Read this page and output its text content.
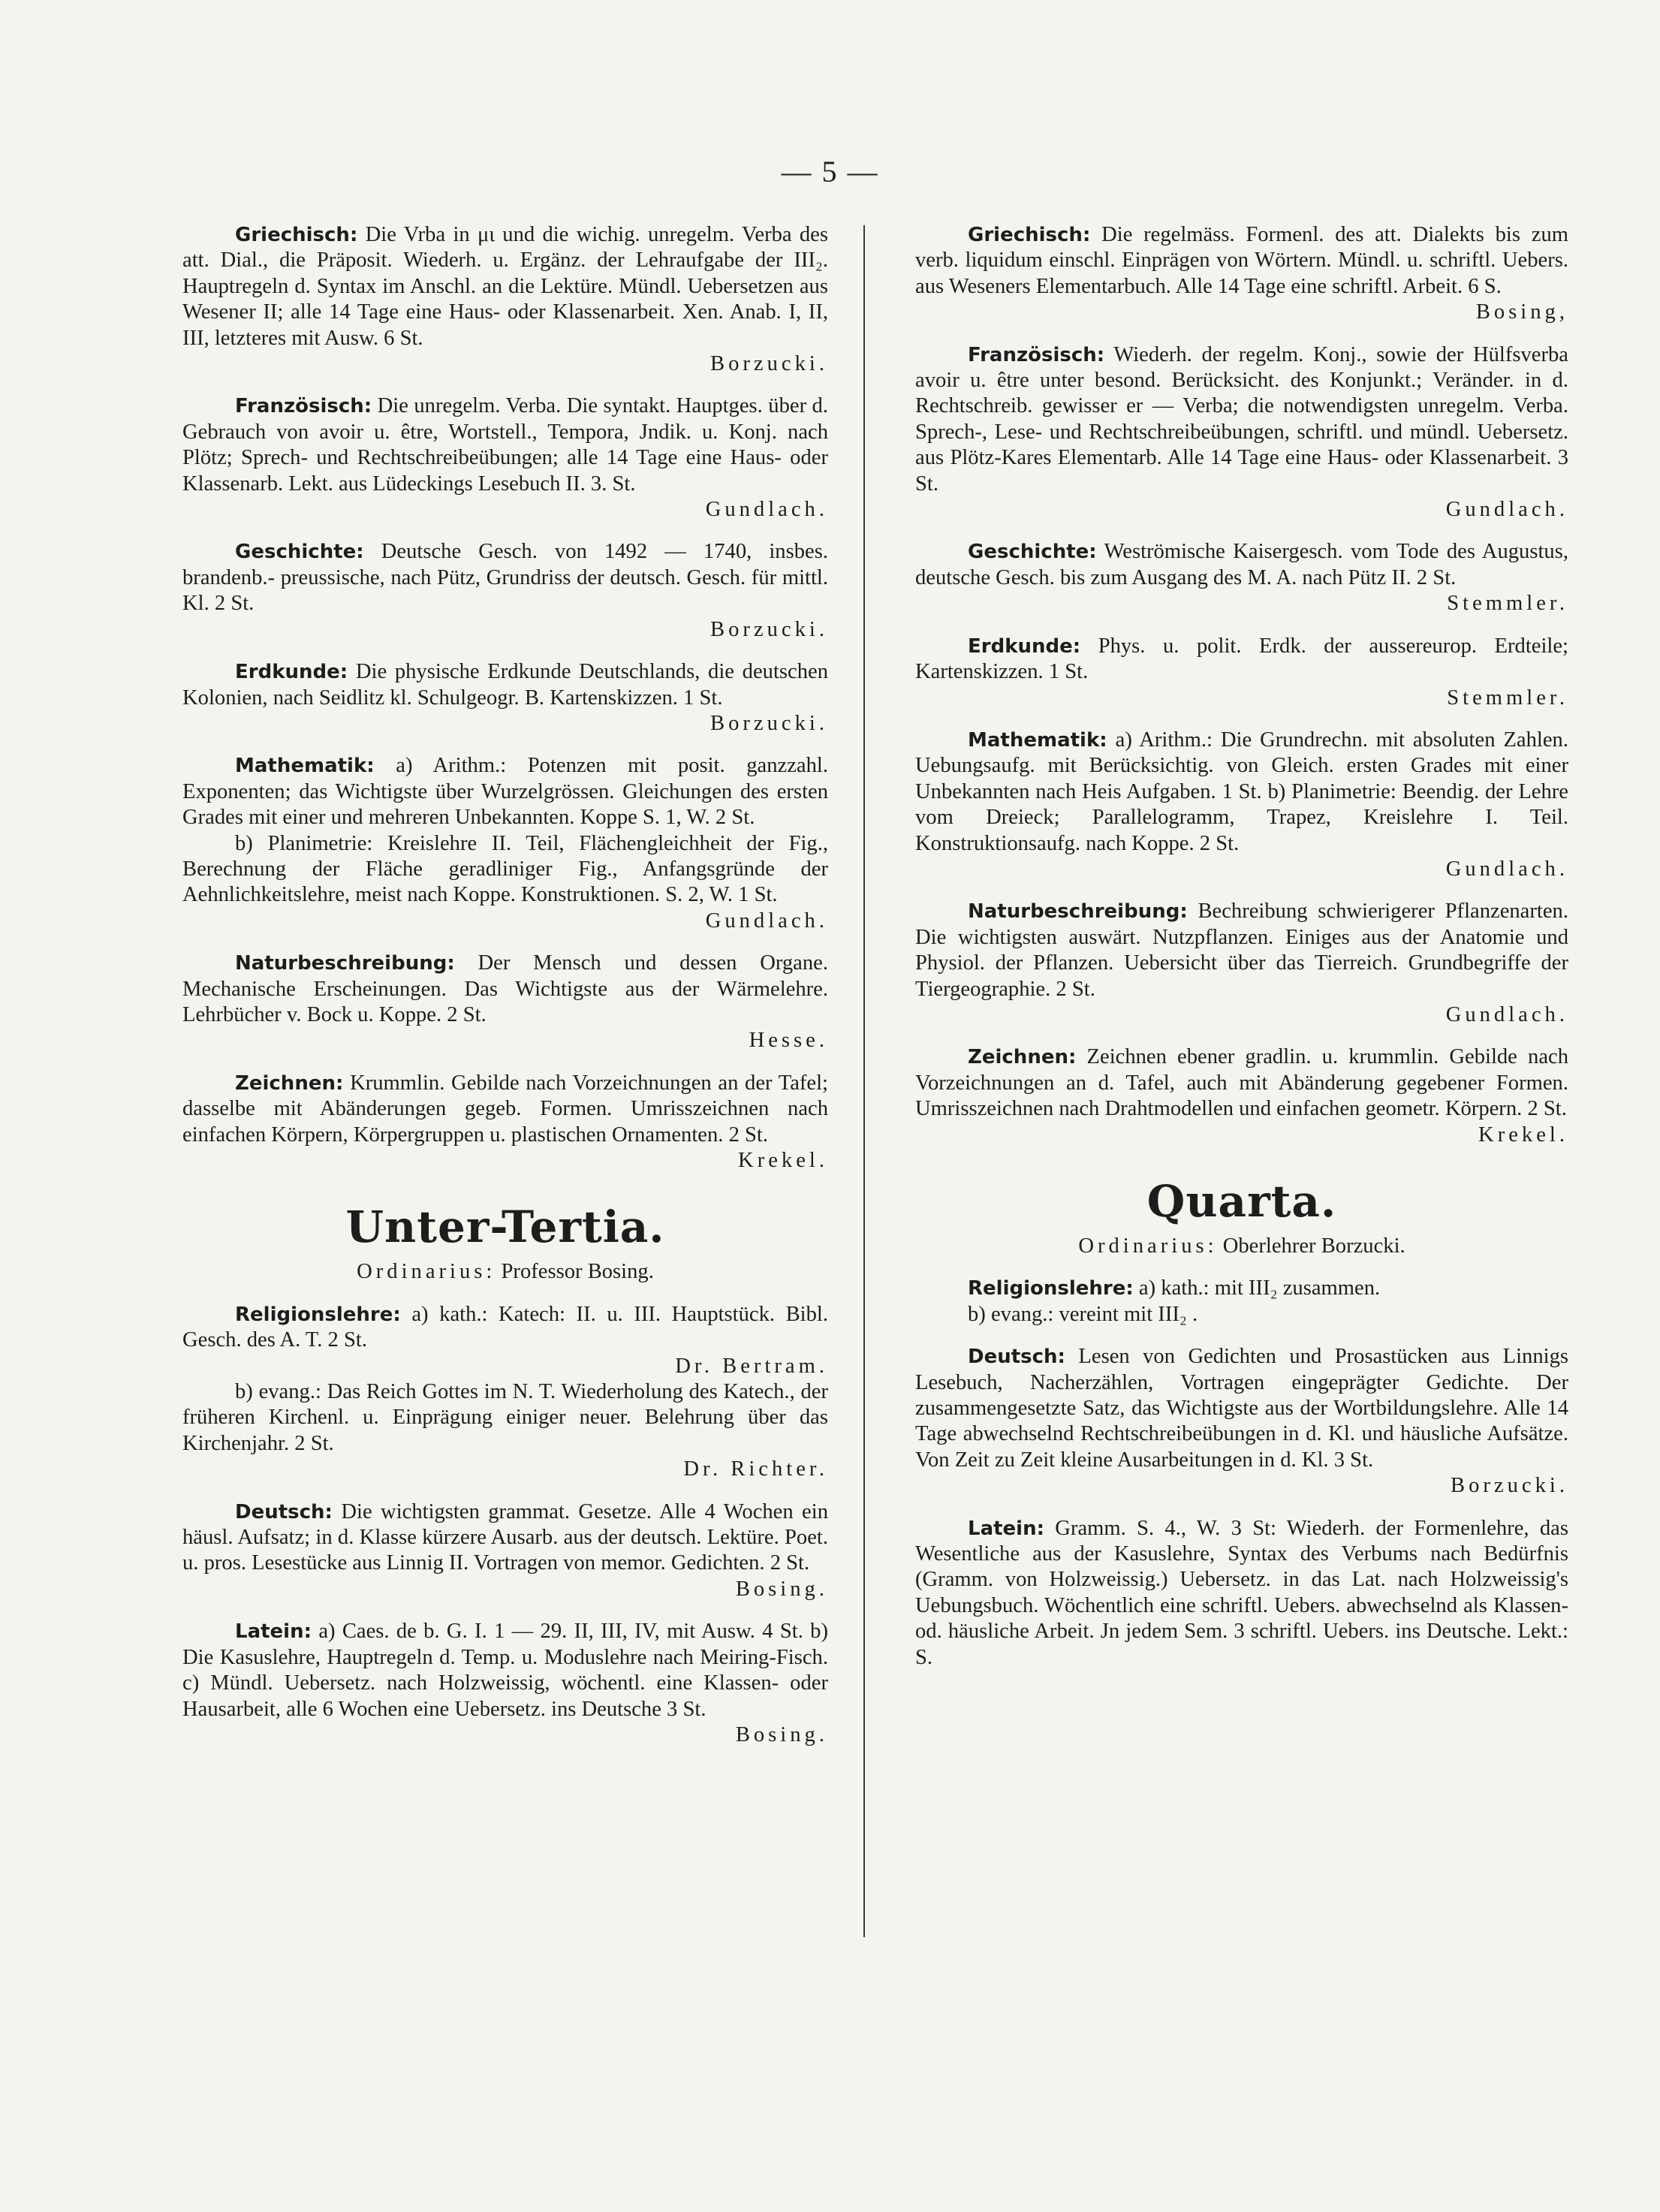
— 5 —

Griechisch: Die Vrba in μι und die wichig. unregelm. Verba des att. Dial., die Präposit. Wiederh. u. Ergänz. der Lehraufgabe der III₂. Hauptregeln d. Syntax im Anschl. an die Lektüre. Mündl. Uebersetzen aus Wesener II; alle 14 Tage eine Haus- oder Klassenarbeit. Xen. Anab. I, II, III, letzteres mit Ausw. 6 St.
Borzucki.

Französisch: Die unregelm. Verba. Die syntakt. Hauptges. über d. Gebrauch von avoir u. être, Wortstell., Tempora, Jndik. u. Konj. nach Plötz; Sprech- und Rechtschreibeübungen; alle 14 Tage eine Haus- oder Klassenarb. Lekt. aus Lüdeckings Lesebuch II. 3. St.
Gundlach.

Geschichte: Deutsche Gesch. von 1492 — 1740, insbes. brandenb.- preussische, nach Pütz, Grundriss der deutsch. Gesch. für mittl. Kl. 2 St.
Borzucki.

Erdkunde: Die physische Erdkunde Deutschlands, die deutschen Kolonien, nach Seidlitz kl. Schulgeogr. B. Kartenskizzen. 1 St.
Borzucki.

Mathematik: a) Arithm.: Potenzen mit posit. ganzzahl. Exponenten; das Wichtigste über Wurzelgrössen. Gleichungen des ersten Grades mit einer und mehreren Unbekannten. Koppe S. 1, W. 2 St.
b) Planimetrie: Kreislehre II. Teil, Flächengleichheit der Fig., Berechnung der Fläche geradliniger Fig., Anfangsgründe der Aehnlichkeitslehre, meist nach Koppe. Konstruktionen. S. 2, W. 1 St.
Gundlach.

Naturbeschreibung: Der Mensch und dessen Organe. Mechanische Erscheinungen. Das Wichtigste aus der Wärmelehre. Lehrbücher v. Bock u. Koppe. 2 St.
Hesse.

Zeichnen: Krummlin. Gebilde nach Vorzeichnungen an der Tafel; dasselbe mit Abänderungen gegeb. Formen. Umrisszeichnen nach einfachen Körpern, Körpergruppen u. plastischen Ornamenten. 2 St.
Krekel.

Unter-Tertia.
Ordinarius: Professor Bosing.

Religionslehre: a) kath.: Katech: II. u. III. Hauptstück. Bibl. Gesch. des A. T. 2 St.
Dr. Bertram.
b) evang.: Das Reich Gottes im N. T. Wiederholung des Katech., der früheren Kirchenl. u. Einprägung einiger neuer. Belehrung über das Kirchenjahr. 2 St.
Dr. Richter.

Deutsch: Die wichtigsten grammat. Gesetze. Alle 4 Wochen ein häusl. Aufsatz; in d. Klasse kürzere Ausarb. aus der deutsch. Lektüre. Poet. u. pros. Lesestücke aus Linnig II. Vortragen von memor. Gedichten. 2 St.
Bosing.

Latein: a) Caes. de b. G. I. 1 — 29. II, III, IV, mit Ausw. 4 St. b) Die Kasuslehre, Hauptregeln d. Temp. u. Moduslehre nach Meiring-Fisch. c) Mündl. Uebersetz. nach Holzweissig, wöchentl. eine Klassen- oder Hausarbeit, alle 6 Wochen eine Uebersetz. ins Deutsche 3 St.
Bosing.

Griechisch: Die regelmäss. Formenl. des att. Dialekts bis zum verb. liquidum einschl. Einprägen von Wörtern. Mündl. u. schriftl. Uebers. aus Weseners Elementarbuch. Alle 14 Tage eine schriftl. Arbeit. 6 S.
Bosing,

Französisch: Wiederh. der regelm. Konj., sowie der Hülfsverba avoir u. être unter besond. Berücksicht. des Konjunkt.; Veränder. in d. Rechtschreib. gewisser er — Verba; die notwendigsten unregelm. Verba. Sprech-, Lese- und Rechtschreibeübungen, schriftl. und mündl. Uebersetz. aus Plötz-Kares Elementarb. Alle 14 Tage eine Haus- oder Klassenarbeit. 3 St.
Gundlach.

Geschichte: Weströmische Kaisergesch. vom Tode des Augustus, deutsche Gesch. bis zum Ausgang des M. A. nach Pütz II. 2 St.
Stemmler.

Erdkunde: Phys. u. polit. Erdk. der aussereurop. Erdteile; Kartenskizzen. 1 St.
Stemmler.

Mathematik: a) Arithm.: Die Grundrechn. mit absoluten Zahlen. Uebungsaufg. mit Berücksichtig. von Gleich. ersten Grades mit einer Unbekannten nach Heis Aufgaben. 1 St. b) Planimetrie: Beendig. der Lehre vom Dreieck; Parallelogramm, Trapez, Kreislehre I. Teil. Konstruktionsaufg. nach Koppe. 2 St.
Gundlach.

Naturbeschreibung: Bechreibung schwierigerer Pflanzenarten. Die wichtigsten auswärt. Nutzpflanzen. Einiges aus der Anatomie und Physiol. der Pflanzen. Uebersicht über das Tierreich. Grundbegriffe der Tiergeographie. 2 St.
Gundlach.

Zeichnen: Zeichnen ebener gradlin. u. krummlin. Gebilde nach Vorzeichnungen an d. Tafel, auch mit Abänderung gegebener Formen. Umrisszeichnen nach Drahtmodellen und einfachen geometr. Körpern. 2 St.
Krekel.

Quarta.
Ordinarius: Oberlehrer Borzucki.

Religionslehre: a) kath.: mit III₂ zusammen.
b) evang.: vereint mit III₂ .

Deutsch: Lesen von Gedichten und Prosastücken aus Linnigs Lesebuch, Nacherzählen, Vortragen eingeprägter Gedichte. Der zusammengesetzte Satz, das Wichtigste aus der Wortbildungslehre. Alle 14 Tage abwechselnd Rechtschreibeübungen in d. Kl. und häusliche Aufsätze. Von Zeit zu Zeit kleine Ausarbeitungen in d. Kl. 3 St.
Borzucki.

Latein: Gramm. S. 4., W. 3 St: Wiederh. der Formenlehre, das Wesentliche aus der Kasuslehre, Syntax des Verbums nach Bedürfnis (Gramm. von Holzweissig.) Uebersetz. in das Lat. nach Holzweissig's Uebungsbuch. Wöchentlich eine schriftl. Uebers. abwechselnd als Klassen- od. häusliche Arbeit. Jn jedem Sem. 3 schriftl. Uebers. ins Deutsche. Lekt.: S.
